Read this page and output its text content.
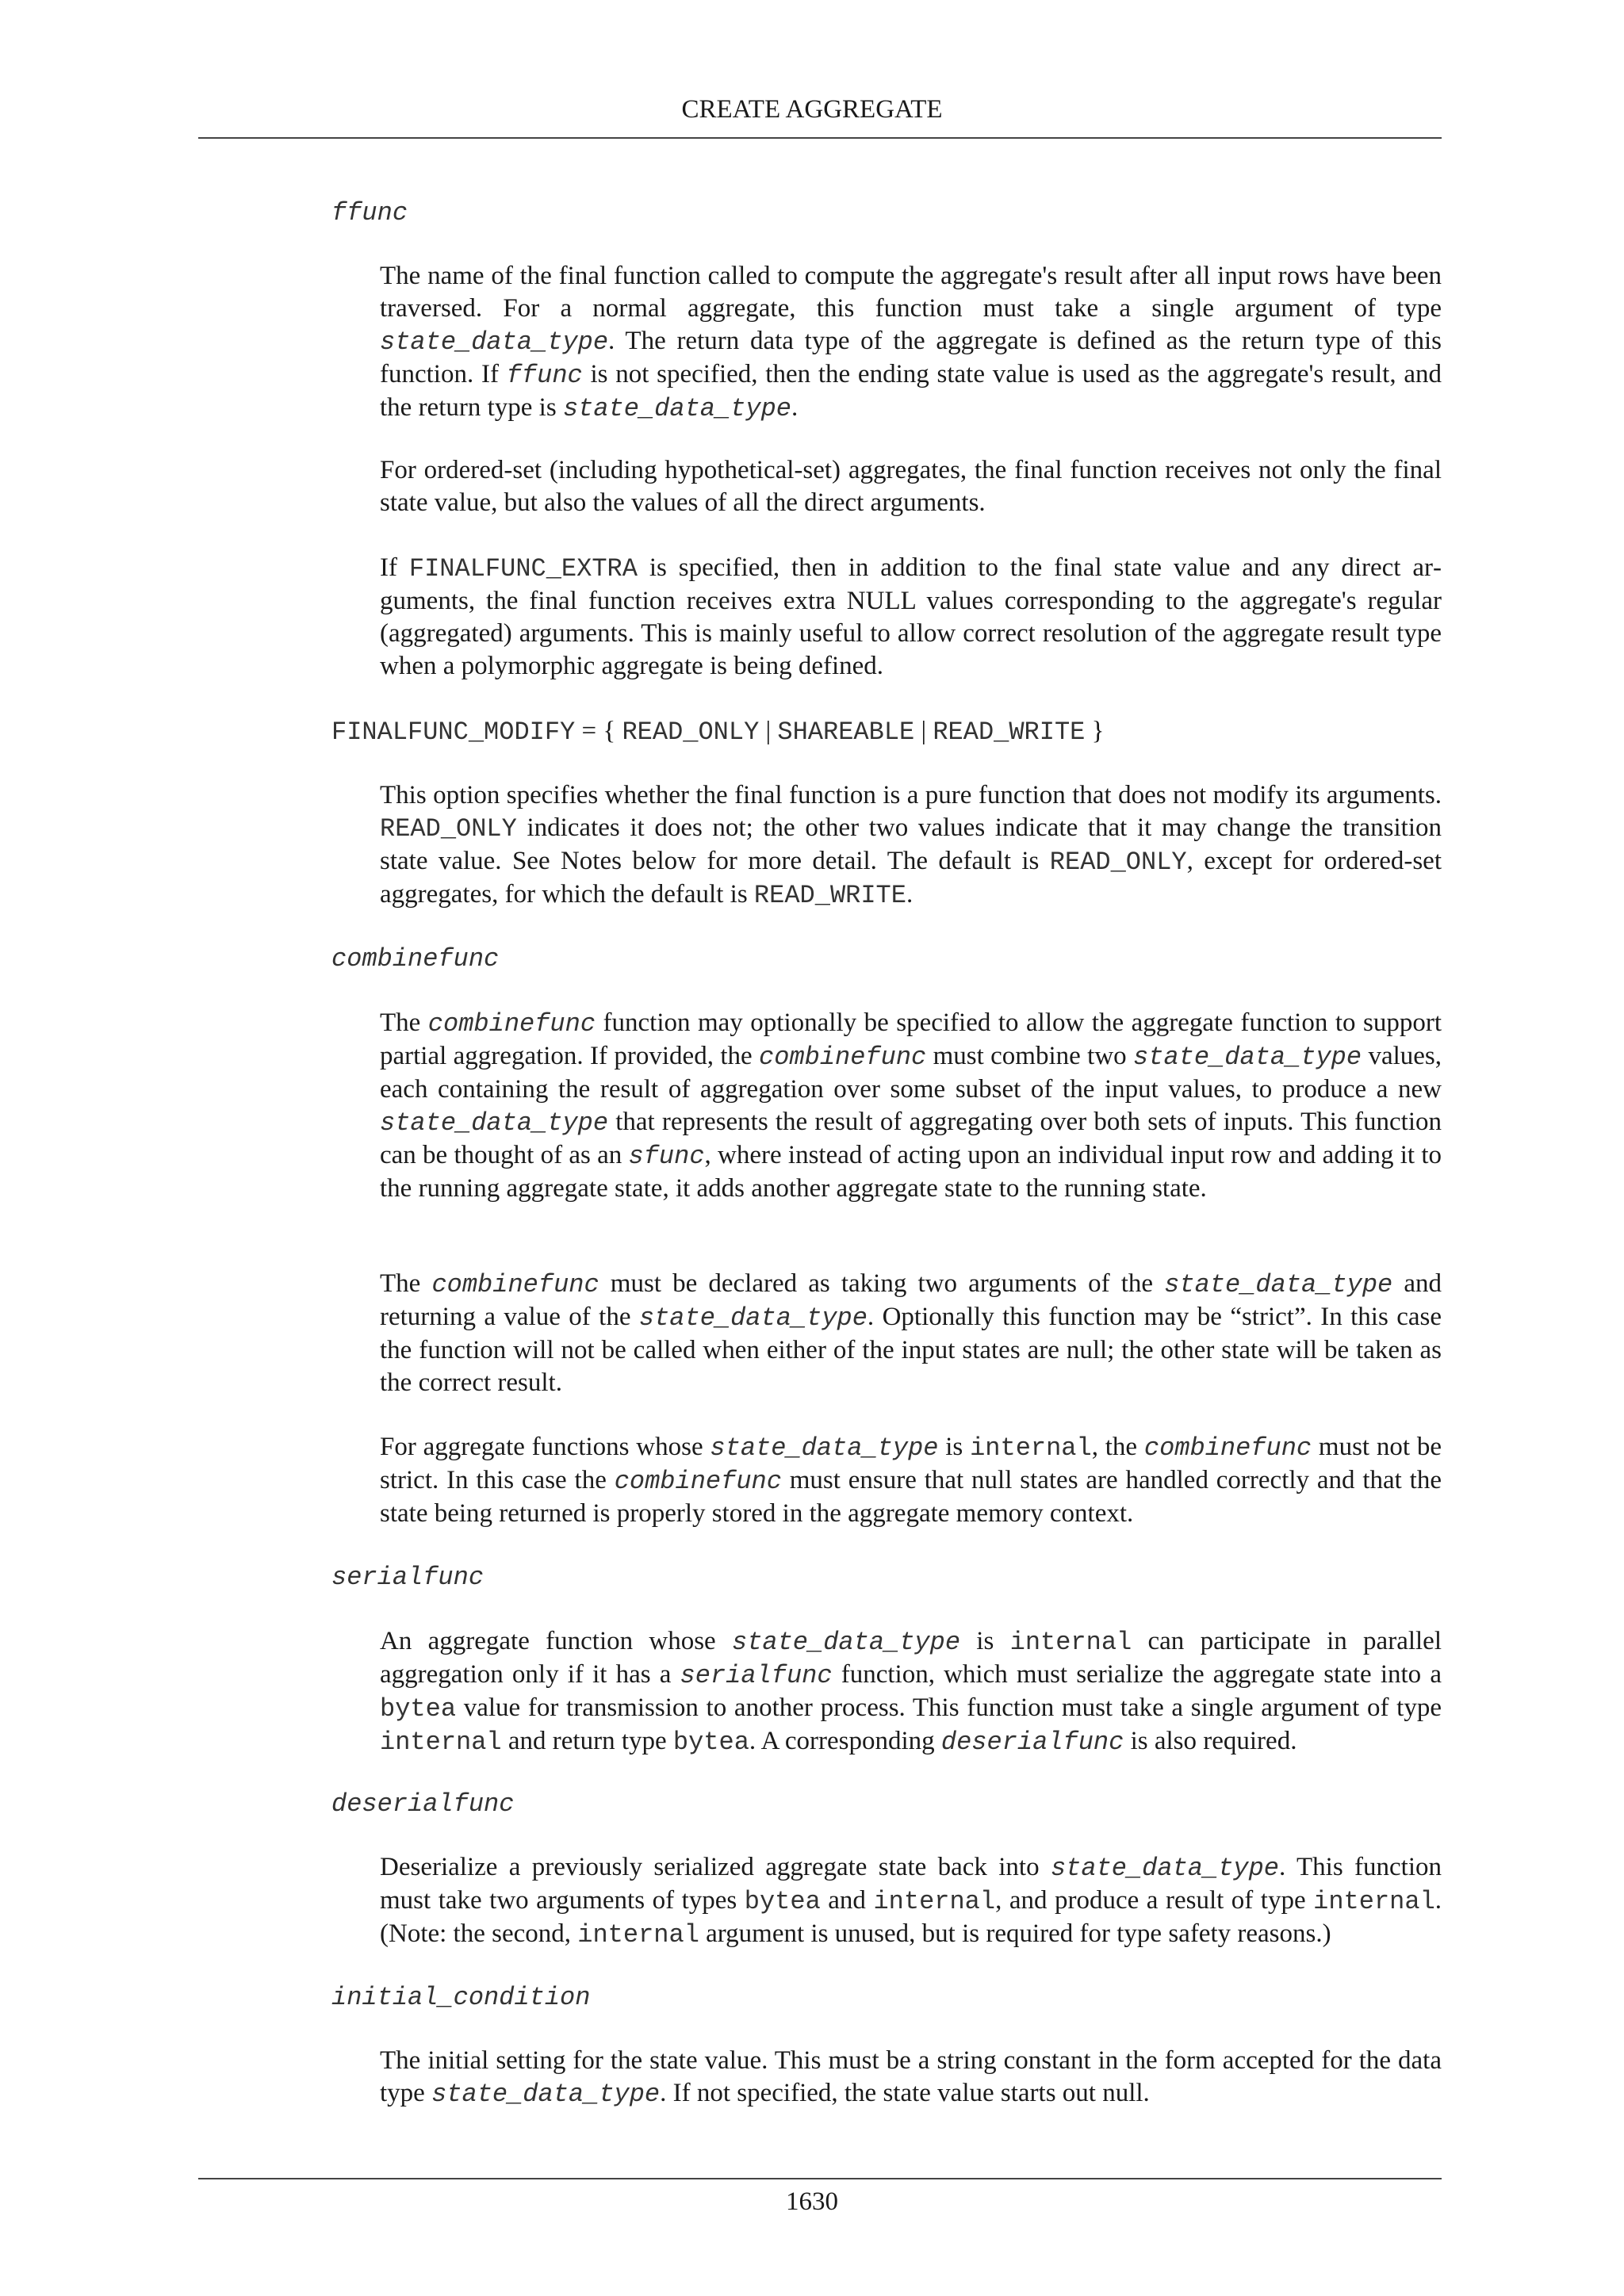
CREATE AGGREGATE
ffunc

The name of the final function called to compute the aggregate's result after all input rows have been traversed. For a normal aggregate, this function must take a single argument of type state_data_type. The return data type of the aggregate is defined as the return type of this function. If ffunc is not specified, then the ending state value is used as the aggregate's result, and the return type is state_data_type.

For ordered-set (including hypothetical-set) aggregates, the final function receives not only the final state value, but also the values of all the direct arguments.

If FINALFUNC_EXTRA is specified, then in addition to the final state value and any direct arguments, the final function receives extra NULL values corresponding to the aggregate's regular (aggregated) arguments. This is mainly useful to allow correct resolution of the aggregate result type when a polymorphic aggregate is being defined.

FINALFUNC_MODIFY = { READ_ONLY | SHAREABLE | READ_WRITE }

This option specifies whether the final function is a pure function that does not modify its arguments. READ_ONLY indicates it does not; the other two values indicate that it may change the transition state value. See Notes below for more detail. The default is READ_ONLY, except for ordered-set aggregates, for which the default is READ_WRITE.

combinefunc

The combinefunc function may optionally be specified to allow the aggregate function to support partial aggregation. If provided, the combinefunc must combine two state_data_type values, each containing the result of aggregation over some subset of the input values, to produce a new state_data_type that represents the result of aggregating over both sets of inputs. This function can be thought of as an sfunc, where instead of acting upon an individual input row and adding it to the running aggregate state, it adds another aggregate state to the running state.

The combinefunc must be declared as taking two arguments of the state_data_type and returning a value of the state_data_type. Optionally this function may be “strict”. In this case the function will not be called when either of the input states are null; the other state will be taken as the correct result.

For aggregate functions whose state_data_type is internal, the combinefunc must not be strict. In this case the combinefunc must ensure that null states are handled correctly and that the state being returned is properly stored in the aggregate memory context.

serialfunc

An aggregate function whose state_data_type is internal can participate in parallel aggregation only if it has a serialfunc function, which must serialize the aggregate state into a bytea value for transmission to another process. This function must take a single argument of type internal and return type bytea. A corresponding deserialfunc is also required.

deserialfunc

Deserialize a previously serialized aggregate state back into state_data_type. This function must take two arguments of types bytea and internal, and produce a result of type internal. (Note: the second, internal argument is unused, but is required for type safety reasons.)

initial_condition

The initial setting for the state value. This must be a string constant in the form accepted for the data type state_data_type. If not specified, the state value starts out null.

1630
